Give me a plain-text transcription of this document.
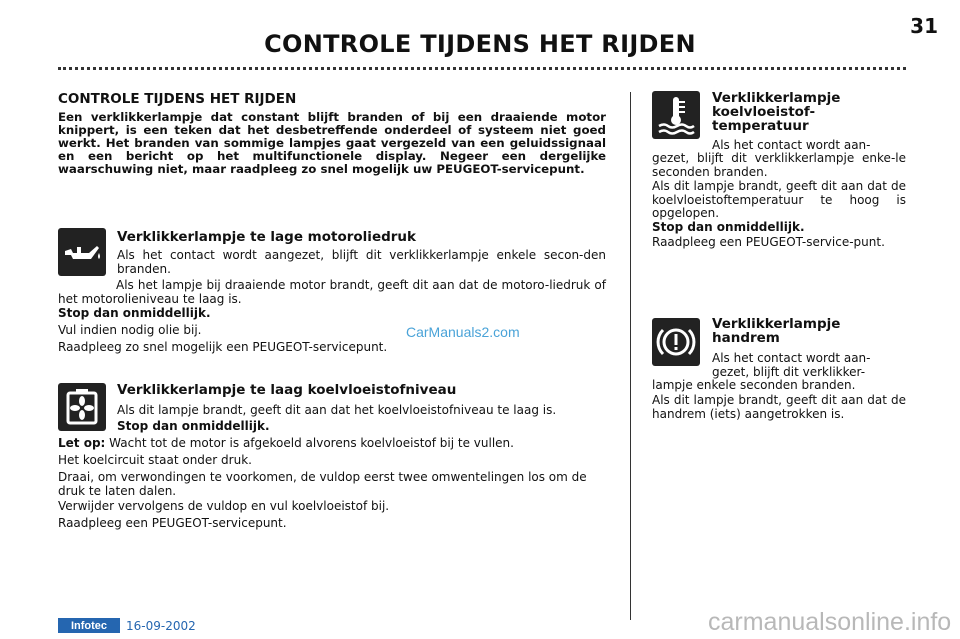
CONTROLE TIJDENS HET RIJDEN
31
CONTROLE TIJDENS HET RIJDEN

Een verklikkerlampje dat constant blijft branden of bij een draaiende motor knippert, is een teken dat het desbetreffende onderdeel of systeem niet goed werkt. Het branden van sommige lampjes gaat vergezeld van een geluidssignaal en een bericht op het multifunctionele display. Negeer een dergelijke waarschuwing niet, maar raadpleeg zo snel mogelijk uw PEUGEOT-servicepunt.

Verklikkerlampje te lage motoroliedruk

Als het contact wordt aangezet, blijft dit verklikkerlampje enkele secon-den branden.

Als het lampje bij draaiende motor brandt, geeft dit aan dat de motoro-liedruk of het motorolieniveau te laag is.

Stop dan onmiddellijk.

Vul indien nodig olie bij.

Raadpleeg zo snel mogelijk een PEUGEOT-servicepunt.

Verklikkerlampje te laag koelvloeistofniveau

Als dit lampje brandt, geeft dit aan dat het koelvloeistofniveau te laag is.

Stop dan onmiddellijk.

Let op: Wacht tot de motor is afgekoeld alvorens koelvloeistof bij te vullen.

Het koelcircuit staat onder druk.

Draai, om verwondingen te voorkomen, de vuldop eerst twee omwentelingen los om de druk te laten dalen.

Verwijder vervolgens de vuldop en vul koelvloeistof bij.

Raadpleeg een PEUGEOT-servicepunt.

Verklikkerlampje
koelvloeistof-
temperatuur

Als het contact wordt aan-

gezet, blijft dit verklikkerlampje enke-le seconden branden.

Als dit lampje brandt, geeft dit aan dat de koelvloeistoftemperatuur te hoog is opgelopen.

Stop dan onmiddellijk.

Raadpleeg een PEUGEOT-service-punt.

Verklikkerlampje
handrem

Als het contact wordt aan-

gezet, blijft dit verklikker-

lampje enkele seconden branden.

Als dit lampje brandt, geeft dit aan dat de handrem (iets) aangetrokken is.

CarManuals2.com
Infotec	16-09-2002	carmanualsonline.info
